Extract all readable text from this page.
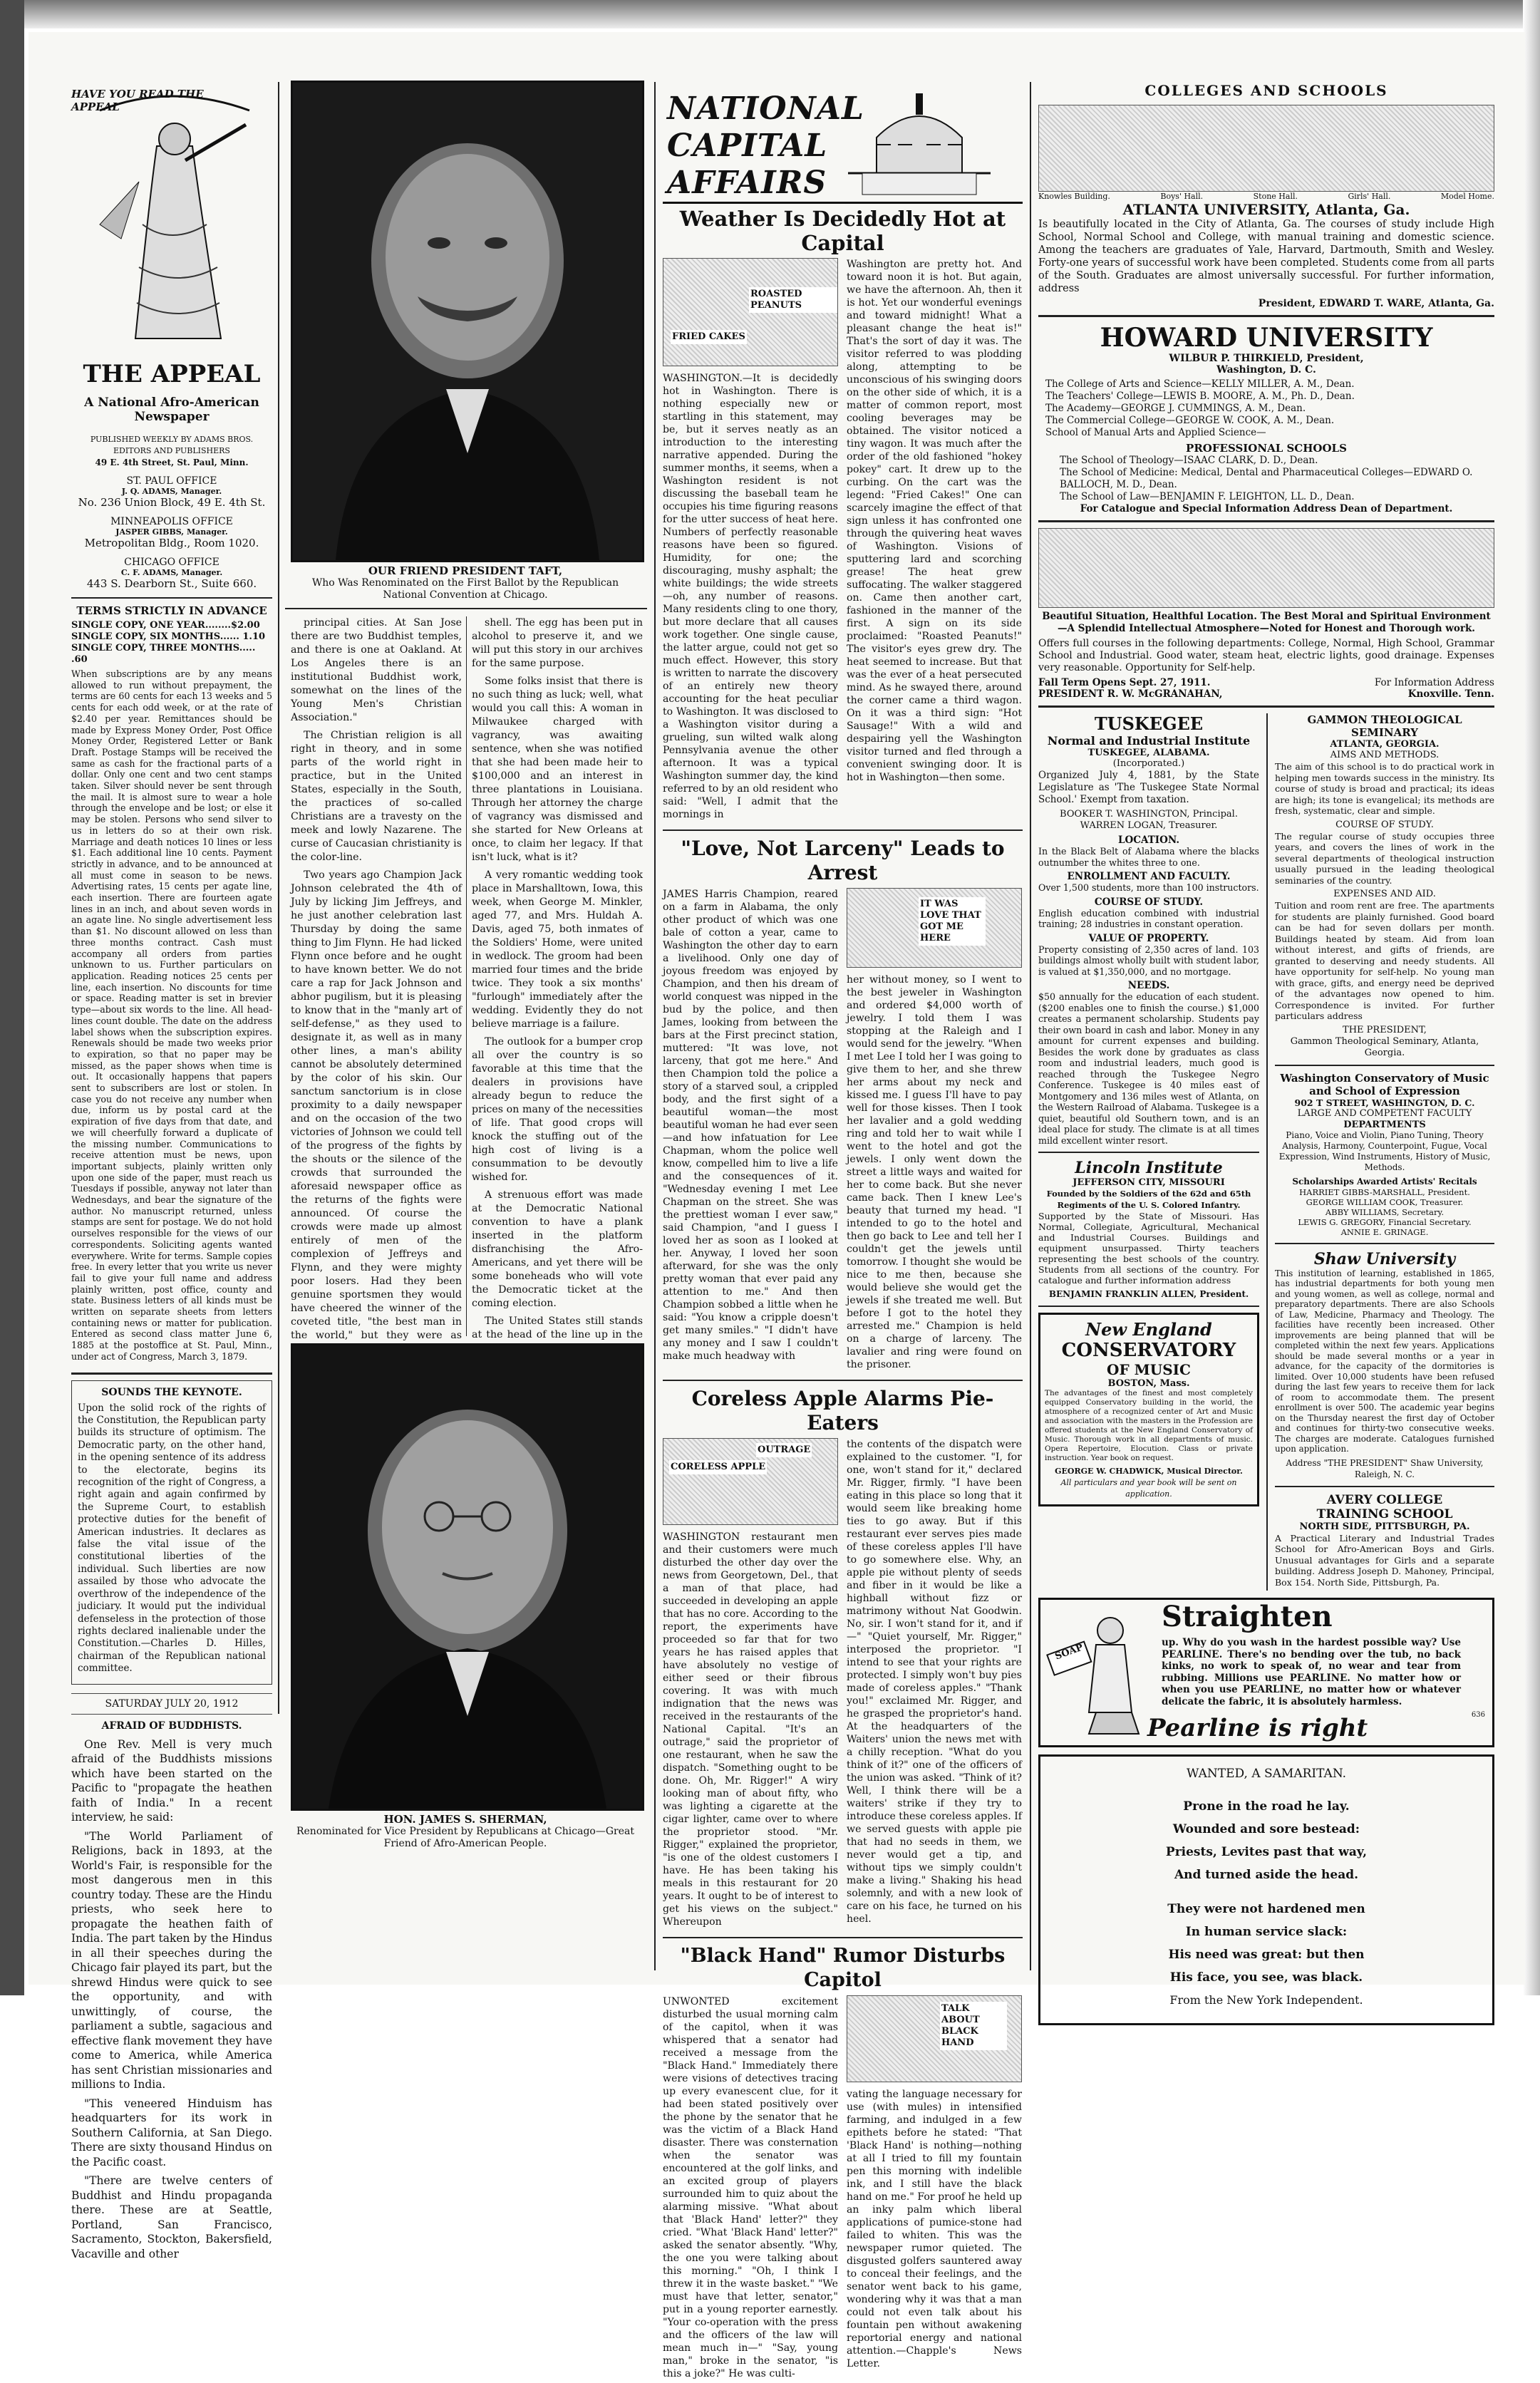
HAVE YOU READ THE APPEAL
THE APPEAL
A National Afro-American Newspaper
PUBLISHED WEEKLY BY ADAMS BROS. EDITORS AND PUBLISHERS
49 E. 4th Street, St. Paul, Minn.
ST. PAUL OFFICE
J. Q. ADAMS, Manager.
No. 236 Union Block, 49 E. 4th St.
MINNEAPOLIS OFFICE
JASPER GIBBS, Manager.
Metropolitan Bldg., Room 1020.
CHICAGO OFFICE
C. F. ADAMS, Manager.
443 S. Dearborn St., Suite 660.
TERMS STRICTLY IN ADVANCE
SINGLE COPY, ONE YEAR........$2.00
SINGLE COPY, SIX MONTHS...... 1.10
SINGLE COPY, THREE MONTHS..... .60

When subscriptions are by any means allowed to run without prepayment, the terms are 60 cents for each 13 weeks and 5 cents for each odd week, or at the rate of $2.40 per year. Remittances should be made by Express Money Order, Post Office Money Order, Registered Letter or Bank Draft. Postage Stamps will be received the same as cash for the fractional parts of a dollar. Only one cent and two cent stamps taken. Silver should never be sent through the mail. It is almost sure to wear a hole through the envelope and be lost; or else it may be stolen. Persons who send silver to us in letters do so at their own risk. Marriage and death notices 10 lines or less $1. Each additional line 10 cents. Payment strictly in advance, and to be announced at all must come in season to be news. Advertising rates, 15 cents per agate line, each insertion. There are fourteen agate lines in an inch, and about seven words in an agate line. No single advertisement less than $1. No discount allowed on less than three months contract. Cash must accompany all orders from parties unknown to us. Further particulars on application. Reading notices 25 cents per line, each insertion. No discounts for time or space. Reading matter is set in brevier type—about six words to the line. All head-lines count double. The date on the address label shows when the subscription expires. Renewals should be made two weeks prior to expiration, so that no paper may be missed, as the paper shows when time is out. It occasionally happens that papers sent to subscribers are lost or stolen. In case you do not receive any number when due, inform us by postal card at the expiration of five days from that date, and we will cheerfully forward a duplicate of the missing number. Communications to receive attention must be news, upon important subjects, plainly written only upon one side of the paper, must reach us Tuesdays if possible, anyway not later than Wednesdays, and bear the signature of the author. No manuscript returned, unless stamps are sent for postage. We do not hold ourselves responsible for the views of our correspondents. Soliciting agents wanted everywhere. Write for terms. Sample copies free. In every letter that you write us never fail to give your full name and address plainly written, post office, county and state. Business letters of all kinds must be written on separate sheets from letters containing news or matter for publication. Entered as second class matter June 6, 1885 at the postoffice at St. Paul, Minn., under act of Congress, March 3, 1879.

SOUNDS THE KEYNOTE.

Upon the solid rock of the rights of the Constitution, the Republican party builds its structure of optimism. The Democratic party, on the other hand, in the opening sentence of its address to the electorate, begins its recognition of the right of Congress, a right again and again confirmed by the Supreme Court, to establish protective duties for the benefit of American industries. It declares as false the vital issue of the constitutional liberties of the individual. Such liberties are now assailed by those who advocate the overthrow of the independence of the judiciary. It would put the individual defenseless in the protection of those rights declared inalienable under the Constitution.—Charles D. Hilles, chairman of the Republican national committee.

SATURDAY JULY 20, 1912
AFRAID OF BUDDHISTS.

One Rev. Mell is very much afraid of the Buddhists missions which have been started on the Pacific to "propagate the heathen faith of India." In a recent interview, he said:

"The World Parliament of Religions, back in 1893, at the World's Fair, is responsible for the most dangerous men in this country today. These are the Hindu priests, who seek here to propagate the heathen faith of India. The part taken by the Hindus in all their speeches during the Chicago fair played its part, but the shrewd Hindus were quick to see the opportunity, and with unwittingly, of course, the parliament a subtle, sagacious and effective flank movement they have come to America, while America has sent Christian missionaries and millions to India.

"This veneered Hinduism has headquarters for its work in Southern California, at San Diego. There are sixty thousand Hindus on the Pacific coast.

"There are twelve centers of Buddhist and Hindu propaganda there. These are at Seattle, Portland, San Francisco, Sacramento, Stockton, Bakersfield, Vacaville and other

OUR FRIEND PRESIDENT TAFT,
Who Was Renominated on the First Ballot by the Republican National Convention at Chicago.

principal cities. At San Jose there are two Buddhist temples, and there is one at Oakland. At Los Angeles there is an institutional Buddhist work, somewhat on the lines of the Young Men's Christian Association."

The Christian religion is all right in theory, and in some parts of the world right in practice, but in the United States, especially in the South, the practices of so-called Christians are a travesty on the meek and lowly Nazarene. The curse of Caucasian christianity is the color-line.

Two years ago Champion Jack Johnson celebrated the 4th of July by licking Jim Jeffreys, and he just another celebration last Thursday by doing the same thing to Jim Flynn. He had licked Flynn once before and he ought to have known better. We do not care a rap for Jack Johnson and abhor pugilism, but it is pleasing to know that in the "manly art of self-defense," as they used to designate it, as well as in many other lines, a man's ability cannot be absolutely determined by the color of his skin. Our sanctum sanctorium is in close proximity to a daily newspaper and on the occasion of the two victories of Johnson we could tell of the progress of the fights by the shouts or the silence of the crowds that surrounded the aforesaid newspaper office as the returns of the fights were announced. Of course the crowds were made up almost entirely of men of the complexion of Jeffreys and Flynn, and they were mighty poor losers. Had they been genuine sportsmen they would have cheered the winner of the coveted title, "the best man in the world," but they were as

shell. The egg has been put in alcohol to preserve it, and we will put this story in our archives for the same purpose.

Some folks insist that there is no such thing as luck; well, what would you call this: A woman in Milwaukee charged with vagrancy, was awaiting sentence, when she was notified that she had been made heir to $100,000 and an interest in three plantations in Louisiana. Through her attorney the charge of vagrancy was dismissed and she started for New Orleans at once, to claim her legacy. If that isn't luck, what is it?

A very romantic wedding took place in Marshalltown, Iowa, this week, when George M. Minkler, aged 77, and Mrs. Huldah A. Davis, aged 75, both inmates of the Soldiers' Home, were united in wedlock. The groom had been married four times and the bride twice. They took a six months' "furlough" immediately after the wedding. Evidently they do not believe marriage is a failure.

The outlook for a bumper crop all over the country is so favorable at this time that the dealers in provisions have already begun to reduce the prices on many of the necessities of life. That good crops will knock the stuffing out of the high cost of living is a consummation to be devoutly wished for.

A strenuous effort was made at the Democratic National convention to have a plank inserted in the platform disfranchising the Afro-Americans, and yet there will be some boneheads who will vote the Democratic ticket at the coming election.

The United States still stands at the head of the line up in the

HON. JAMES S. SHERMAN,
Renominated for Vice President by Republicans at Chicago—Great Friend of Afro-American People.
NATIONAL CAPITAL AFFAIRS
Weather Is Decidedly Hot at Capital
FRIED CAKES
ROASTED PEANUTS

WASHINGTON.—It is decidedly hot in Washington. There is nothing especially new or startling in this statement, may be, but it serves neatly as an introduction to the interesting narrative appended. During the summer months, it seems, when a Washington resident is not discussing the baseball team he occupies his time figuring reasons for the utter success of heat here. Numbers of perfectly reasonable reasons have been so figured. Humidity, for one; the discouraging, mushy asphalt; the white buildings; the wide streets—oh, any number of reasons. Many residents cling to one thory, but more declare that all causes work together. One single cause, the latter argue, could not get so much effect. However, this story is written to narrate the discovery of an entirely new theory accounting for the heat peculiar to Washington. It was disclosed to a Washington visitor during a grueling, sun wilted walk along Pennsylvania avenue the other afternoon. It was a typical Washington summer day, the kind referred to by an old resident who said: "Well, I admit that the mornings in

Washington are pretty hot. And toward noon it is hot. But again, we have the afternoon. Ah, then it is hot. Yet our wonderful evenings and toward midnight! What a pleasant change the heat is!" That's the sort of day it was. The visitor referred to was plodding along, attempting to be unconscious of his swinging doors on the other side of which, it is a matter of common report, most cooling beverages may be obtained. The visitor noticed a tiny wagon. It was much after the order of the old fashioned "hokey pokey" cart. It drew up to the curbing. On the cart was the legend: "Fried Cakes!" One can scarcely imagine the effect of that sign unless it has confronted one through the quivering heat waves of Washington. Visions of sputtering lard and scorching grease! The heat grew suffocating. The walker staggered on. Came then another cart, fashioned in the manner of the first. A sign on its side proclaimed: "Roasted Peanuts!" The visitor's eyes grew dry. The heat seemed to increase. But that was the ever of a heat persecuted mind. As he swayed there, around the corner came a third wagon. On it was a third sign: "Hot Sausage!" With a wild and despairing yell the Washington visitor turned and fled through a convenient swinging door. It is hot in Washington—then some.

"Love, Not Larceny" Leads to Arrest

JAMES Harris Champion, reared on a farm in Alabama, the only other product of which was one bale of cotton a year, came to Washington the other day to earn a livelihood. Only one day of joyous freedom was enjoyed by Champion, and then his dream of world conquest was nipped in the bud by the police, and then James, looking from between the bars at the First precinct station, muttered: "It was love, not larceny, that got me here." And then Champion told the police a story of a starved soul, a crippled body, and the first sight of a beautiful woman—the most beautiful woman he had ever seen—and how infatuation for Lee Chapman, whom the police well know, compelled him to live a life and the consequences of it. "Wednesday evening I met Lee Chapman on the street. She was the prettiest woman I ever saw," said Champion, "and I guess I loved her as soon as I looked at her. Anyway, I loved her soon afterward, for she was the only pretty woman that ever paid any attention to me." And then Champion sobbed a little when he said: "You know a cripple doesn't get many smiles." "I didn't have any money and I saw I couldn't make much headway with

IT WAS LOVE THAT GOT ME HERE

her without money, so I went to the best jeweler in Washington and ordered $4,000 worth of jewelry. I told them I was stopping at the Raleigh and I would send for the jewelry. "When I met Lee I told her I was going to give them to her, and she threw her arms about my neck and kissed me. I guess I'll have to pay well for those kisses. Then I took her lavalier and a gold wedding ring and told her to wait while I went to the hotel and got the jewels. I only went down the street a little ways and waited for her to come back. But she never came back. Then I knew Lee's beauty that turned my head. "I intended to go to the hotel and then go back to Lee and tell her I couldn't get the jewels until tomorrow. I thought she would be nice to me then, because she would believe she would get the jewels if she treated me well. But before I got to the hotel they arrested me." Champion is held on a charge of larceny. The lavalier and ring were found on the prisoner.

Coreless Apple Alarms Pie-Eaters
OUTRAGE
CORELESS APPLE

WASHINGTON restaurant men and their customers were much disturbed the other day over the news from Georgetown, Del., that a man of that place, had succeeded in developing an apple that has no core. According to the report, the experiments have proceeded so far that for two years he has raised apples that have absolutely no vestige of either seed or their fibrous covering. It was with much indignation that the news was received in the restaurants of the National Capital. "It's an outrage," said the proprietor of one restaurant, when he saw the dispatch. "Something ought to be done. Oh, Mr. Rigger!" A wiry looking man of about fifty, who was lighting a cigarette at the cigar lighter, came over to where the proprietor stood. "Mr. Rigger," explained the proprietor, "is one of the oldest customers I have. He has been taking his meals in this restaurant for 20 years. It ought to be of interest to get his views on the subject." Whereupon

the contents of the dispatch were explained to the customer. "I, for one, won't stand for it," declared Mr. Rigger, firmly. "I have been eating in this place so long that it would seem like breaking home ties to go away. But if this restaurant ever serves pies made of these coreless apples I'll have to go somewhere else. Why, an apple pie without plenty of seeds and fiber in it would be like a highball without fizz or matrimony without Nat Goodwin. No, sir. I won't stand for it, and if—" "Quiet yourself, Mr. Rigger," interposed the proprietor. "I intend to see that your rights are protected. I simply won't buy pies made of coreless apples." "Thank you!" exclaimed Mr. Rigger, and he grasped the proprietor's hand. At the headquarters of the Waiters' union the news met with a chilly reception. "What do you think of it?" one of the officers of the union was asked. "Think of it? Well, I think there will be a waiters' strike if they try to introduce these coreless apples. If we served guests with apple pie that had no seeds in them, we never would get a tip, and without tips we simply couldn't make a living." Shaking his head solemnly, and with a new look of care on his face, he turned on his heel.

"Black Hand" Rumor Disturbs Capitol

UNWONTED excitement disturbed the usual morning calm of the capitol, when it was whispered that a senator had received a message from the "Black Hand." Immediately there were visions of detectives tracing up every evanescent clue, for it had been stated positively over the phone by the senator that he was the victim of a Black Hand disaster. There was consternation when the senator was encountered at the golf links, and an excited group of players surrounded him to quiz about the alarming missive. "What about that 'Black Hand' letter?" they cried. "What 'Black Hand' letter?" asked the senator absently. "Why, the one you were talking about this morning." "Oh, I think I threw it in the waste basket." "We must have that letter, senator," put in a young reporter earnestly. "Your co-operation with the press and the officers of the law will mean much in—" "Say, young man," broke in the senator, "is this a joke?" He was culti-

TALK ABOUT BLACK HAND

vating the language necessary for use (with mules) in intensified farming, and indulged in a few epithets before he stated: "That 'Black Hand' is nothing—nothing at all I tried to fill my fountain pen this morning with indelible ink, and I still have the black hand on me." For proof he held up an inky palm which liberal applications of pumice-stone had failed to whiten. This was the newspaper rumor quieted. The disgusted golfers sauntered away to conceal their feelings, and the senator went back to his game, wondering why it was that a man could not even talk about his fountain pen without awakening reportorial energy and national attention.—Chapple's News Letter.

COLLEGES AND SCHOOLS
Knowles Building.	Boys' Hall.	Stone Hall.	Girls' Hall.	Model Home.
ATLANTA UNIVERSITY, Atlanta, Ga.

Is beautifully located in the City of Atlanta, Ga. The courses of study include High School, Normal School and College, with manual training and domestic science. Among the teachers are graduates of Yale, Harvard, Dartmouth, Smith and Wesley. Forty-one years of successful work have been completed. Students come from all parts of the South. Graduates are almost universally successful. For further information, address

President, EDWARD T. WARE, Atlanta, Ga.
HOWARD UNIVERSITY
WILBUR P. THIRKIELD, President,
Washington, D. C.
The College of Arts and Science—KELLY MILLER, A. M., Dean.
The Teachers' College—LEWIS B. MOORE, A. M., Ph. D., Dean.
The Academy—GEORGE J. CUMMINGS, A. M., Dean.
The Commercial College—GEORGE W. COOK, A. M., Dean.
School of Manual Arts and Applied Science—
PROFESSIONAL SCHOOLS
The School of Theology—ISAAC CLARK, D. D., Dean.
The School of Medicine: Medical, Dental and Pharmaceutical Colleges—EDWARD O. BALLOCH, M. D., Dean.
The School of Law—BENJAMIN F. LEIGHTON, LL. D., Dean.
For Catalogue and Special Information Address Dean of Department.
Beautiful Situation, Healthful Location. The Best Moral and Spiritual Environment—A Splendid Intellectual Atmosphere—Noted for Honest and Thorough work.

Offers full courses in the following departments: College, Normal, High School, Grammar School and Industrial. Good water, steam heat, electric lights, good drainage. Expenses very reasonable. Opportunity for Self-help.

Fall Term Opens Sept. 27, 1911.	For Information Address
PRESIDENT R. W. McGRANAHAN,	Knoxville. Tenn.
TUSKEGEE
Normal and Industrial Institute
TUSKEGEE, ALABAMA.
(Incorporated.)

Organized July 4, 1881, by the State Legislature as 'The Tuskegee State Normal School.' Exempt from taxation.

BOOKER T. WASHINGTON, Principal.
WARREN LOGAN, Treasurer.
LOCATION.

In the Black Belt of Alabama where the blacks outnumber the whites three to one.

ENROLLMENT AND FACULTY.

Over 1,500 students, more than 100 instructors.

COURSE OF STUDY.

English education combined with industrial training; 28 industries in constant operation.

VALUE OF PROPERTY.

Property consisting of 2,350 acres of land. 103 buildings almost wholly built with student labor, is valued at $1,350,000, and no mortgage.

NEEDS.

$50 annually for the education of each student. ($200 enables one to finish the course.) $1,000 creates a permanent scholarship. Students pay their own board in cash and labor. Money in any amount for current expenses and building. Besides the work done by graduates as class room and industrial leaders, much good is reached through the Tuskegee Negro Conference. Tuskegee is 40 miles east of Montgomery and 136 miles west of Atlanta, on the Western Railroad of Alabama. Tuskegee is a quiet, beautiful old Southern town, and is an ideal place for study. The climate is at all times mild excellent winter resort.

Lincoln Institute
JEFFERSON CITY, MISSOURI
Founded by the Soldiers of the 62d and 65th Regiments of the U. S. Colored Infantry.

Supported by the State of Missouri. Has Normal, Collegiate, Agricultural, Mechanical and Industrial Courses. Buildings and equipment unsurpassed. Thirty teachers representing the best schools of the country. Students from all sections of the country. For catalogue and further information address

BENJAMIN FRANKLIN ALLEN, President.
New England
CONSERVATORY
OF MUSIC
BOSTON, Mass.

The advantages of the finest and most completely equipped Conservatory building in the world, the atmosphere of a recognized center of Art and Music and association with the masters in the Profession are offered students at the New England Conservatory of Music. Thorough work in all departments of music. Opera Repertoire, Elocution. Class or private instruction. Year book on request.

GEORGE W. CHADWICK, Musical Director.
All particulars and year book will be sent on application.
GAMMON THEOLOGICAL SEMINARY
ATLANTA, GEORGIA.
AIMS AND METHODS.

The aim of this school is to do practical work in helping men towards success in the ministry. Its course of study is broad and practical; its ideas are high; its tone is evangelical; its methods are fresh, systematic, clear and simple.

COURSE OF STUDY.

The regular course of study occupies three years, and covers the lines of work in the several departments of theological instruction usually pursued in the leading theological seminaries of the country.

EXPENSES AND AID.

Tuition and room rent are free. The apartments for students are plainly furnished. Good board can be had for seven dollars per month. Buildings heated by steam. Aid from loan without interest, and gifts of friends, are granted to deserving and needy students. All have opportunity for self-help. No young man with grace, gifts, and energy need be deprived of the advantages now opened to him. Correspondence is invited. For further particulars address

THE PRESIDENT,
Gammon Theological Seminary, Atlanta, Georgia.
Washington Conservatory of Music and School of Expression
902 T STREET, WASHINGTON, D. C.
LARGE AND COMPETENT FACULTY
DEPARTMENTS

Piano, Voice and Violin, Piano Tuning, Theory Analysis, Harmony, Counterpoint, Fugue, Vocal Expression, Wind Instruments, History of Music, Methods.

Scholarships Awarded Artists' Recitals
HARRIET GIBBS-MARSHALL, President.
GEORGE WILLIAM COOK, Treasurer.
ABBY WILLIAMS, Secretary.
LEWIS G. GREGORY, Financial Secretary.
ANNIE E. GRINAGE.
Shaw University

This institution of learning, established in 1865, has industrial departments for both young men and young women, as well as college, normal and preparatory departments. There are also Schools of Law, Medicine, Pharmacy and Theology. The facilities have recently been increased. Other improvements are being planned that will be completed within the next few years. Applications should be made several months or a year in advance, for the capacity of the dormitories is limited. Over 10,000 students have been refused during the last few years to receive them for lack of room to accommodate them. The present enrollment is over 500. The academic year begins on the Thursday nearest the first day of October and continues for thirty-two consecutive weeks. The charges are moderate. Catalogues furnished upon application.

Address "THE PRESIDENT" Shaw University, Raleigh, N. C.
AVERY COLLEGE
TRAINING SCHOOL
NORTH SIDE, PITTSBURGH, PA.

A Practical Literary and Industrial Trades School for Afro-American Boys and Girls. Unusual advantages for Girls and a separate building. Address Joseph D. Mahoney, Principal, Box 154. North Side, Pittsburgh, Pa.

SOAP
Straighten

up. Why do you wash in the hardest possible way? Use PEARLINE. There's no bending over the tub, no back kinks, no work to speak of, no wear and tear from rubbing. Millions use PEARLINE. No matter how or when you use PEARLINE, no matter how or whatever delicate the fabric, it is absolutely harmless.

636
Pearline is right
WANTED, A SAMARITAN.
Prone in the road he lay.
Wounded and sore bestead:
Priests, Levites past that way,
And turned aside the head.
They were not hardened men
In human service slack:
His need was great: but then
His face, you see, was black.
From the New York Independent.
